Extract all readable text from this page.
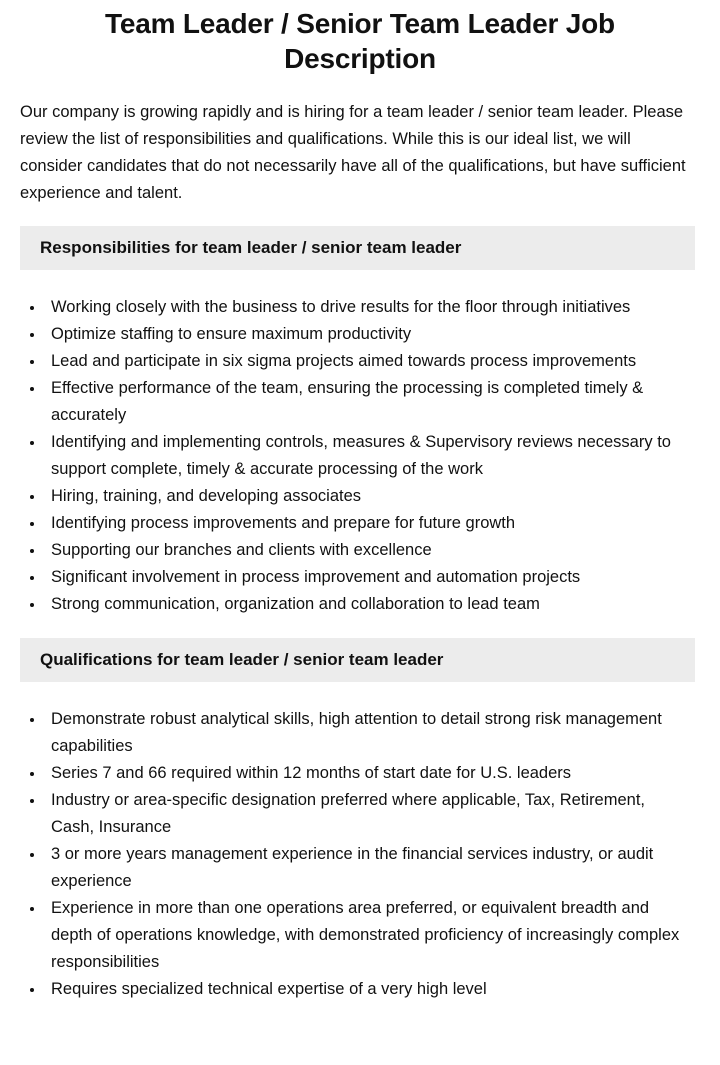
Team Leader / Senior Team Leader Job Description

Our company is growing rapidly and is hiring for a team leader / senior team leader. Please review the list of responsibilities and qualifications. While this is our ideal list, we will consider candidates that do not necessarily have all of the qualifications, but have sufficient experience and talent.

Responsibilities for team leader / senior team leader
• Working closely with the business to drive results for the floor through initiatives
• Optimize staffing to ensure maximum productivity
• Lead and participate in six sigma projects aimed towards process improvements
• Effective performance of the team, ensuring the processing is completed timely & accurately
• Identifying and implementing controls, measures & Supervisory reviews necessary to support complete, timely & accurate processing of the work
• Hiring, training, and developing associates
• Identifying process improvements and prepare for future growth
• Supporting our branches and clients with excellence
• Significant involvement in process improvement and automation projects
• Strong communication, organization and collaboration to lead team
Qualifications for team leader / senior team leader
• Demonstrate robust analytical skills, high attention to detail strong risk management capabilities
• Series 7 and 66 required within 12 months of start date for U.S. leaders
• Industry or area-specific designation preferred where applicable, Tax, Retirement, Cash, Insurance
• 3 or more years management experience in the financial services industry, or audit experience
• Experience in more than one operations area preferred, or equivalent breadth and depth of operations knowledge, with demonstrated proficiency of increasingly complex responsibilities
• Requires specialized technical expertise of a very high level
